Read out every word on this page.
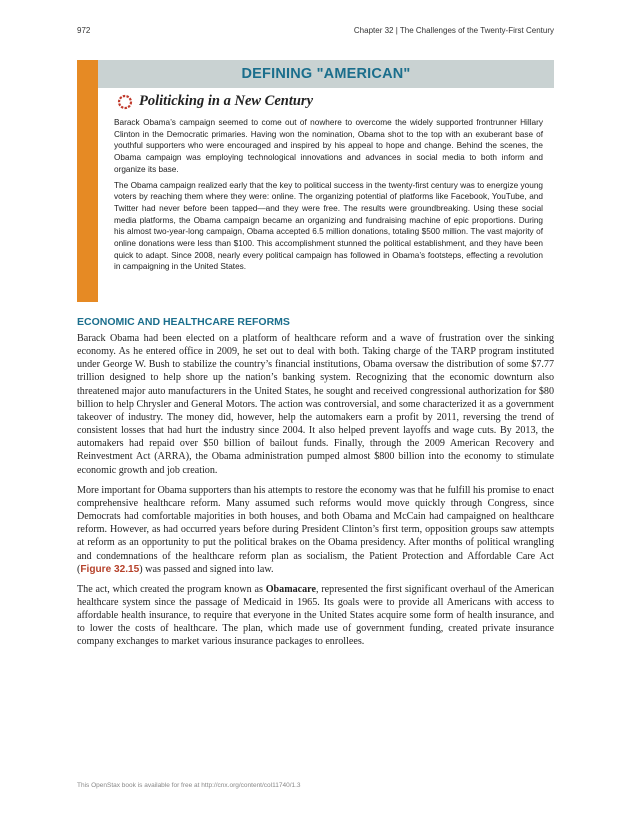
972	Chapter 32 | The Challenges of the Twenty-First Century
DEFINING "AMERICAN"
Politicking in a New Century

Barack Obama’s campaign seemed to come out of nowhere to overcome the widely supported frontrunner Hillary Clinton in the Democratic primaries. Having won the nomination, Obama shot to the top with an exuberant base of youthful supporters who were encouraged and inspired by his appeal to hope and change. Behind the scenes, the Obama campaign was employing technological innovations and advances in social media to both inform and organize its base.

The Obama campaign realized early that the key to political success in the twenty-first century was to energize young voters by reaching them where they were: online. The organizing potential of platforms like Facebook, YouTube, and Twitter had never before been tapped—and they were free. The results were groundbreaking. Using these social media platforms, the Obama campaign became an organizing and fundraising machine of epic proportions. During his almost two-year-long campaign, Obama accepted 6.5 million donations, totaling $500 million. The vast majority of online donations were less than $100. This accomplishment stunned the political establishment, and they have been quick to adapt. Since 2008, nearly every political campaign has followed in Obama’s footsteps, effecting a revolution in campaigning in the United States.

ECONOMIC AND HEALTHCARE REFORMS

Barack Obama had been elected on a platform of healthcare reform and a wave of frustration over the sinking economy. As he entered office in 2009, he set out to deal with both. Taking charge of the TARP program instituted under George W. Bush to stabilize the country’s financial institutions, Obama oversaw the distribution of some $7.77 trillion designed to help shore up the nation’s banking system. Recognizing that the economic downturn also threatened major auto manufacturers in the United States, he sought and received congressional authorization for $80 billion to help Chrysler and General Motors. The action was controversial, and some characterized it as a government takeover of industry. The money did, however, help the automakers earn a profit by 2011, reversing the trend of consistent losses that had hurt the industry since 2004. It also helped prevent layoffs and wage cuts. By 2013, the automakers had repaid over $50 billion of bailout funds. Finally, through the 2009 American Recovery and Reinvestment Act (ARRA), the Obama administration pumped almost $800 billion into the economy to stimulate economic growth and job creation.

More important for Obama supporters than his attempts to restore the economy was that he fulfill his promise to enact comprehensive healthcare reform. Many assumed such reforms would move quickly through Congress, since Democrats had comfortable majorities in both houses, and both Obama and McCain had campaigned on healthcare reform. However, as had occurred years before during President Clinton’s first term, opposition groups saw attempts at reform as an opportunity to put the political brakes on the Obama presidency. After months of political wrangling and condemnations of the healthcare reform plan as socialism, the Patient Protection and Affordable Care Act (Figure 32.15) was passed and signed into law.

The act, which created the program known as Obamacare, represented the first significant overhaul of the American healthcare system since the passage of Medicaid in 1965. Its goals were to provide all Americans with access to affordable health insurance, to require that everyone in the United States acquire some form of health insurance, and to lower the costs of healthcare. The plan, which made use of government funding, created private insurance company exchanges to market various insurance packages to enrollees.

This OpenStax book is available for free at http://cnx.org/content/col11740/1.3
